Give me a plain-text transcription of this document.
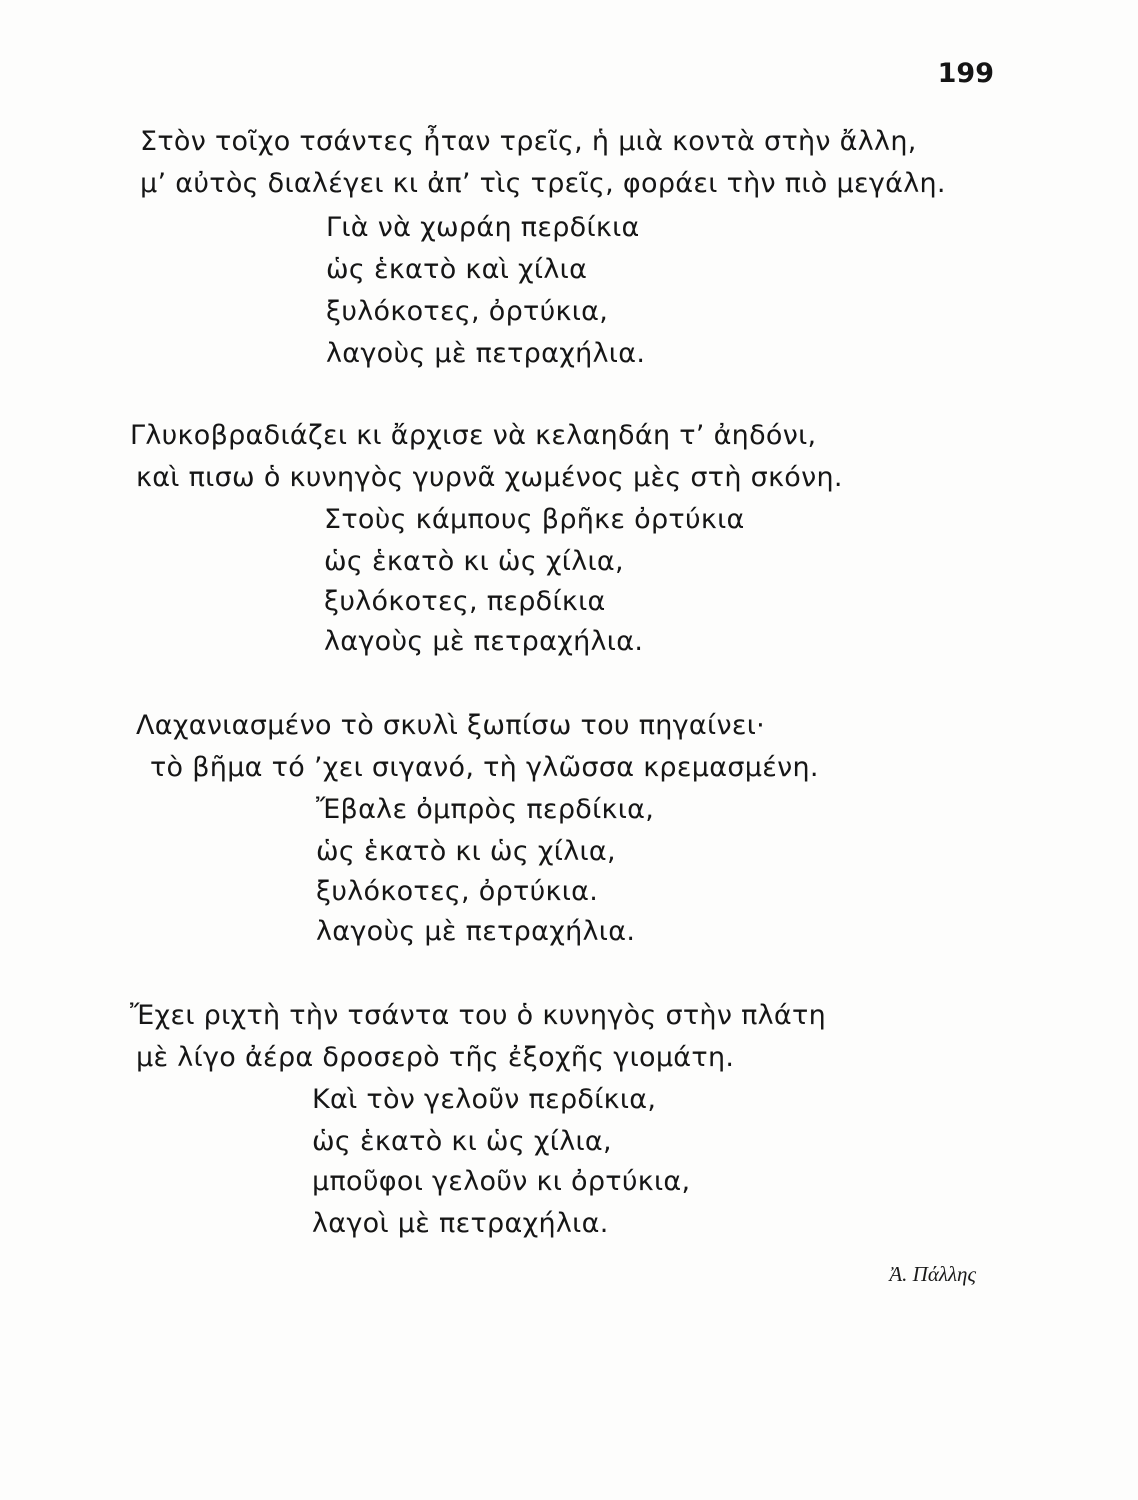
199
Στὸν τοῖχο τσάντες ἦταν τρεῖς, ἡ μιὰ κοντὰ στὴν ἄλλη,
μ’ αὐτὸς διαλέγει κι ἀπ’ τὶς τρεῖς, φοράει τὴν πιὸ μεγάλη.
Γιὰ νὰ χωράη περδίκια
ὡς ἑκατὸ καὶ χίλια
ξυλόκοτες, ὀρτύκια,
λαγοὺς μὲ πετραχήλια.
Γλυκοβραδιάζει κι ἄρχισε νὰ κελαηδάη τ’ ἀηδόνι,
καὶ πισω ὁ κυνηγὸς γυρνᾶ χωμένος μὲς στὴ σκόνη.
Στοὺς κάμπους βρῆκε ὀρτύκια
ὡς ἑκατὸ κι ὡς χίλια,
ξυλόκοτες, περδίκια
λαγοὺς μὲ πετραχήλια.
Λαχανιασμένο τὸ σκυλὶ ξωπίσω του πηγαίνει·
τὸ βῆμα τό ’χει σιγανό, τὴ γλῶσσα κρεμασμένη.
Ἔβαλε ὀμπρὸς περδίκια,
ὡς ἑκατὸ κι ὡς χίλια,
ξυλόκοτες, ὀρτύκια.
λαγοὺς μὲ πετραχήλια.
Ἔχει ριχτὴ τὴν τσάντα του ὁ κυνηγὸς στὴν πλάτη
μὲ λίγο ἀέρα δροσερὸ τῆς ἐξοχῆς γιομάτη.
Καὶ τὸν γελοῦν περδίκια,
ὡς ἑκατὸ κι ὡς χίλια,
μποῦφοι γελοῦν κι ὀρτύκια,
λαγοὶ μὲ πετραχήλια.
Ἀ. Πάλλης
